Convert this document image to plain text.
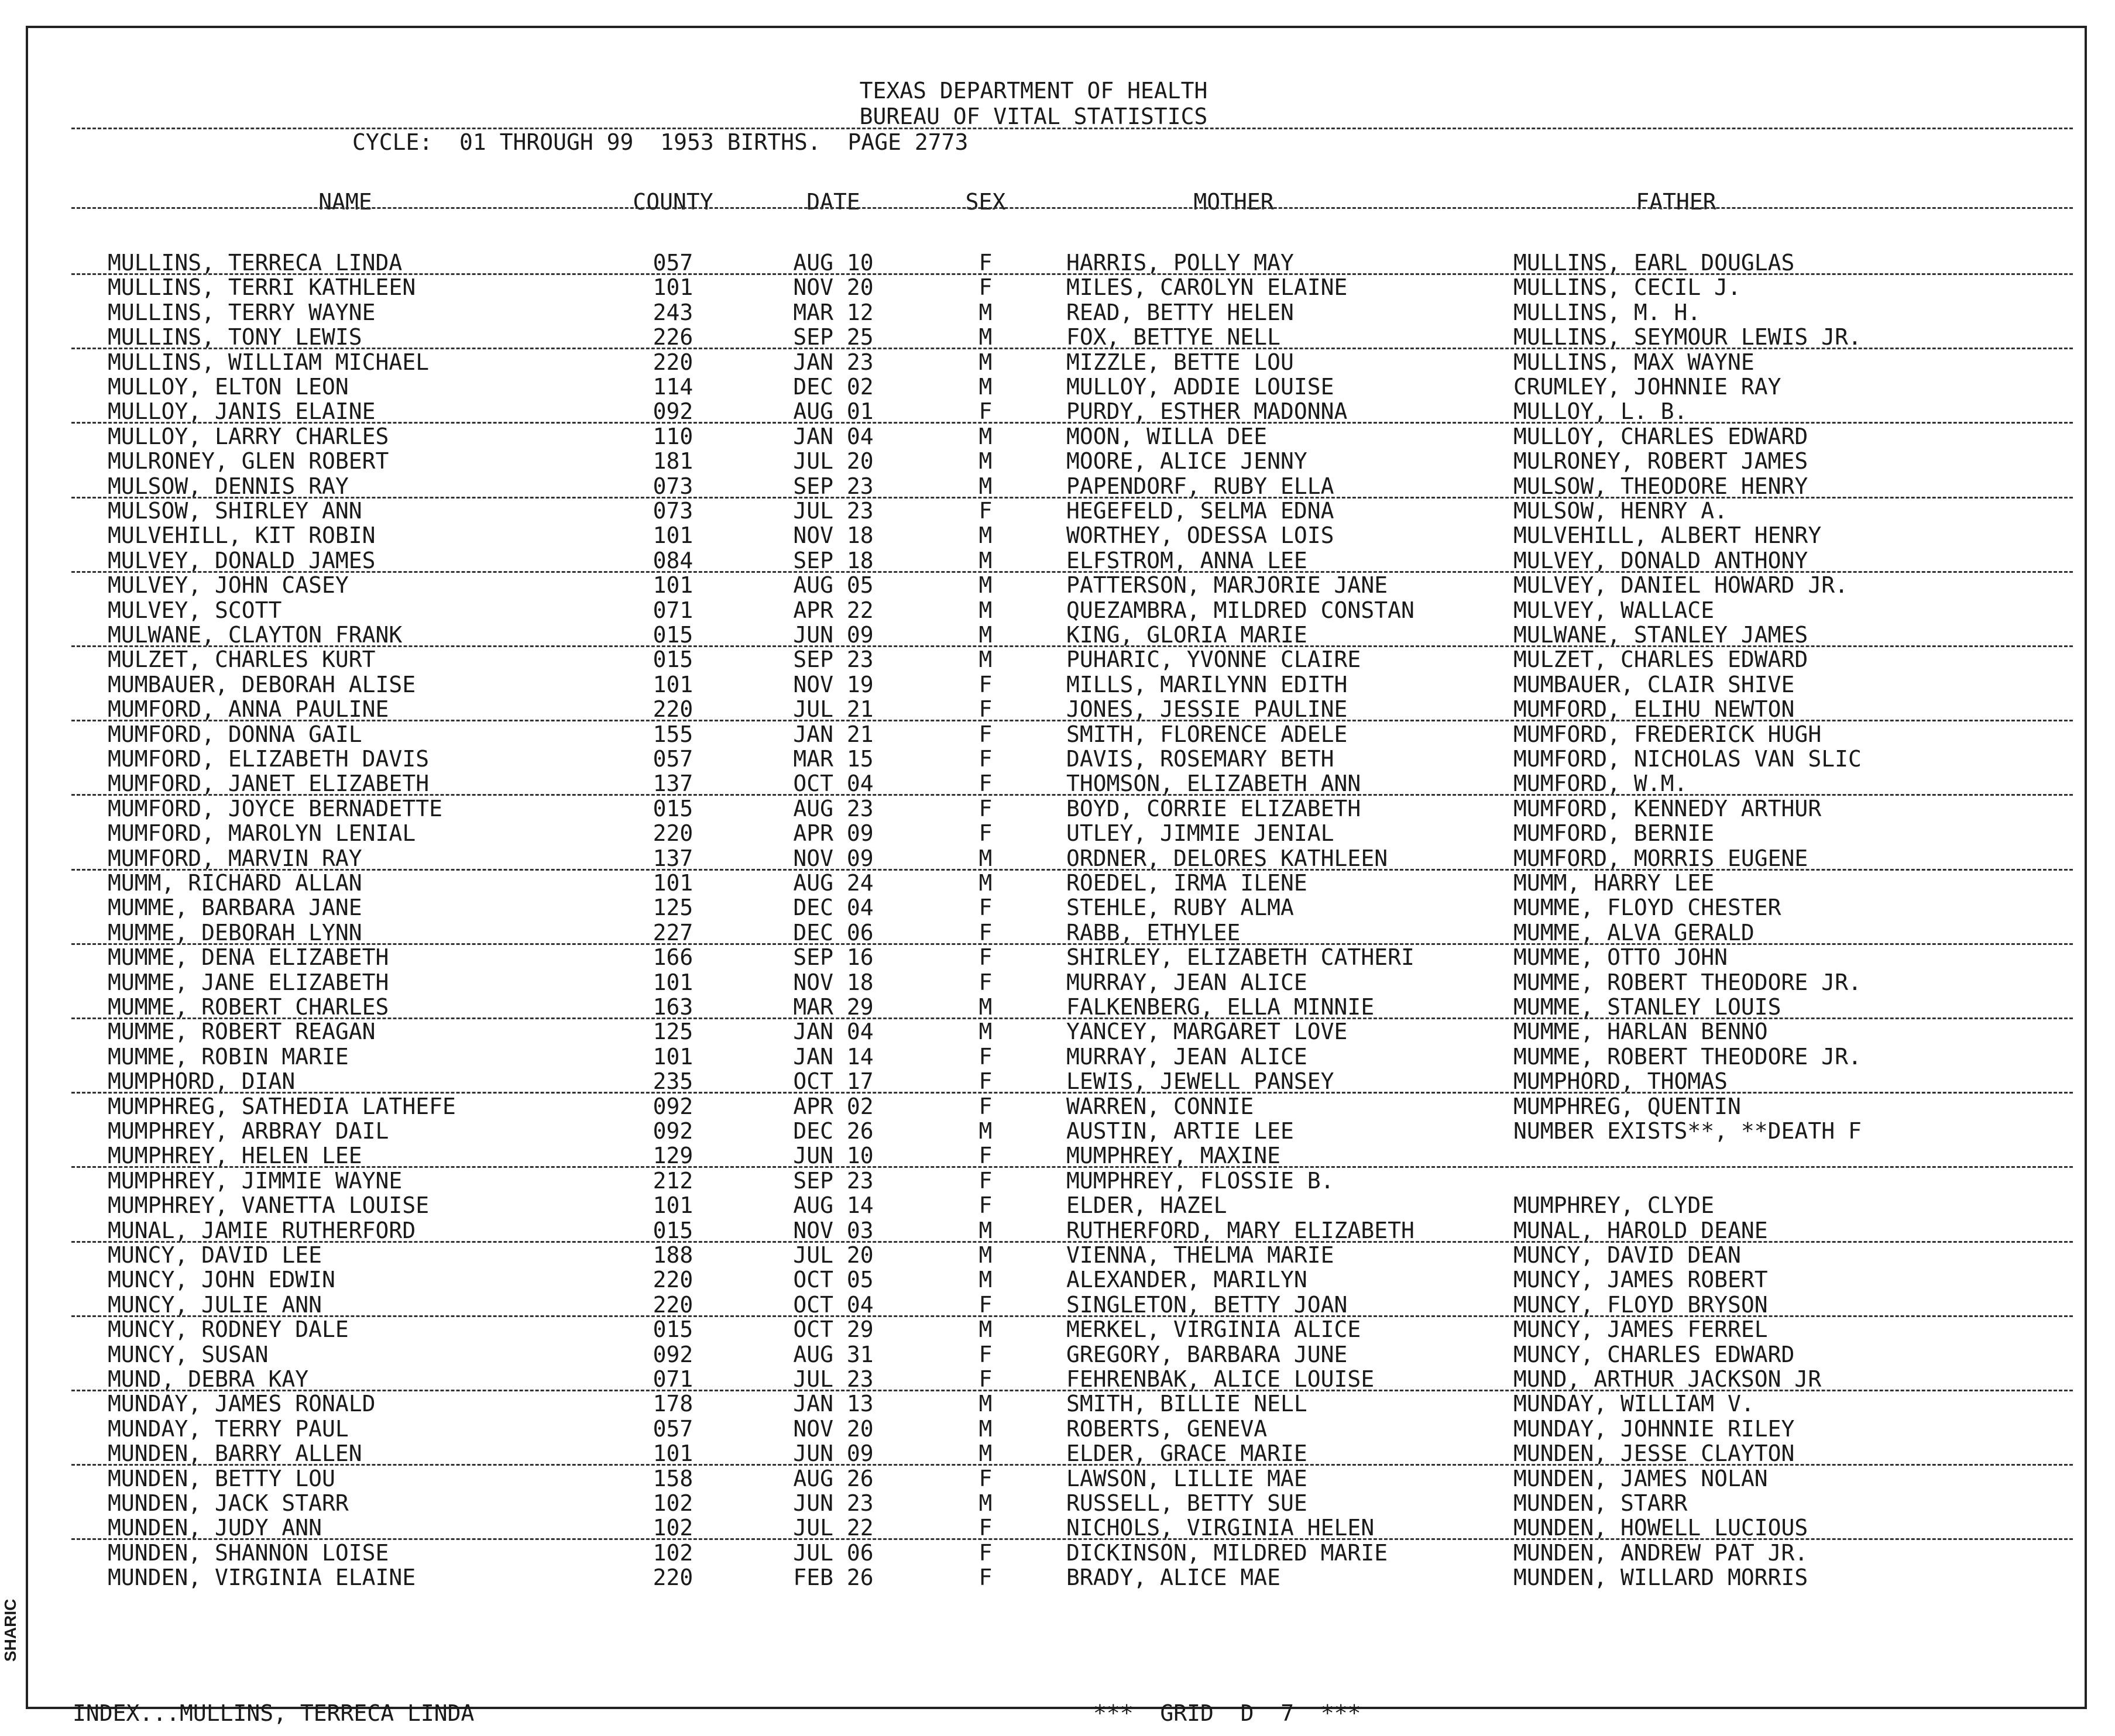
TEXAS DEPARTMENT OF HEALTH
BUREAU OF VITAL STATISTICS
CYCLE:  01 THROUGH 99  1953 BIRTHS.  PAGE 2773
NAME	COUNTY	DATE	SEX	MOTHER	FATHER
MULLINS, TERRECA LINDA	057	AUG 10	F	HARRIS, POLLY MAY	MULLINS, EARL DOUGLAS
MULLINS, TERRI KATHLEEN	101	NOV 20	F	MILES, CAROLYN ELAINE	MULLINS, CECIL J.
MULLINS, TERRY WAYNE	243	MAR 12	M	READ, BETTY HELEN	MULLINS, M. H.
MULLINS, TONY LEWIS	226	SEP 25	M	FOX, BETTYE NELL	MULLINS, SEYMOUR LEWIS JR.
MULLINS, WILLIAM MICHAEL	220	JAN 23	M	MIZZLE, BETTE LOU	MULLINS, MAX WAYNE
MULLOY, ELTON LEON	114	DEC 02	M	MULLOY, ADDIE LOUISE	CRUMLEY, JOHNNIE RAY
MULLOY, JANIS ELAINE	092	AUG 01	F	PURDY, ESTHER MADONNA	MULLOY, L. B.
MULLOY, LARRY CHARLES	110	JAN 04	M	MOON, WILLA DEE	MULLOY, CHARLES EDWARD
MULRONEY, GLEN ROBERT	181	JUL 20	M	MOORE, ALICE JENNY	MULRONEY, ROBERT JAMES
MULSOW, DENNIS RAY	073	SEP 23	M	PAPENDORF, RUBY ELLA	MULSOW, THEODORE HENRY
MULSOW, SHIRLEY ANN	073	JUL 23	F	HEGEFELD, SELMA EDNA	MULSOW, HENRY A.
MULVEHILL, KIT ROBIN	101	NOV 18	M	WORTHEY, ODESSA LOIS	MULVEHILL, ALBERT HENRY
MULVEY, DONALD JAMES	084	SEP 18	M	ELFSTROM, ANNA LEE	MULVEY, DONALD ANTHONY
MULVEY, JOHN CASEY	101	AUG 05	M	PATTERSON, MARJORIE JANE	MULVEY, DANIEL HOWARD JR.
MULVEY, SCOTT	071	APR 22	M	QUEZAMBRA, MILDRED CONSTAN	MULVEY, WALLACE
MULWANE, CLAYTON FRANK	015	JUN 09	M	KING, GLORIA MARIE	MULWANE, STANLEY JAMES
MULZET, CHARLES KURT	015	SEP 23	M	PUHARIC, YVONNE CLAIRE	MULZET, CHARLES EDWARD
MUMBAUER, DEBORAH ALISE	101	NOV 19	F	MILLS, MARILYNN EDITH	MUMBAUER, CLAIR SHIVE
MUMFORD, ANNA PAULINE	220	JUL 21	F	JONES, JESSIE PAULINE	MUMFORD, ELIHU NEWTON
MUMFORD, DONNA GAIL	155	JAN 21	F	SMITH, FLORENCE ADELE	MUMFORD, FREDERICK HUGH
MUMFORD, ELIZABETH DAVIS	057	MAR 15	F	DAVIS, ROSEMARY BETH	MUMFORD, NICHOLAS VAN SLIC
MUMFORD, JANET ELIZABETH	137	OCT 04	F	THOMSON, ELIZABETH ANN	MUMFORD, W.M.
MUMFORD, JOYCE BERNADETTE	015	AUG 23	F	BOYD, CORRIE ELIZABETH	MUMFORD, KENNEDY ARTHUR
MUMFORD, MAROLYN LENIAL	220	APR 09	F	UTLEY, JIMMIE JENIAL	MUMFORD, BERNIE
MUMFORD, MARVIN RAY	137	NOV 09	M	ORDNER, DELORES KATHLEEN	MUMFORD, MORRIS EUGENE
MUMM, RICHARD ALLAN	101	AUG 24	M	ROEDEL, IRMA ILENE	MUMM, HARRY LEE
MUMME, BARBARA JANE	125	DEC 04	F	STEHLE, RUBY ALMA	MUMME, FLOYD CHESTER
MUMME, DEBORAH LYNN	227	DEC 06	F	RABB, ETHYLEE	MUMME, ALVA GERALD
MUMME, DENA ELIZABETH	166	SEP 16	F	SHIRLEY, ELIZABETH CATHERI	MUMME, OTTO JOHN
MUMME, JANE ELIZABETH	101	NOV 18	F	MURRAY, JEAN ALICE	MUMME, ROBERT THEODORE JR.
MUMME, ROBERT CHARLES	163	MAR 29	M	FALKENBERG, ELLA MINNIE	MUMME, STANLEY LOUIS
MUMME, ROBERT REAGAN	125	JAN 04	M	YANCEY, MARGARET LOVE	MUMME, HARLAN BENNO
MUMME, ROBIN MARIE	101	JAN 14	F	MURRAY, JEAN ALICE	MUMME, ROBERT THEODORE JR.
MUMPHORD, DIAN	235	OCT 17	F	LEWIS, JEWELL PANSEY	MUMPHORD, THOMAS
MUMPHREG, SATHEDIA LATHEFE	092	APR 02	F	WARREN, CONNIE	MUMPHREG, QUENTIN
MUMPHREY, ARBRAY DAIL	092	DEC 26	M	AUSTIN, ARTIE LEE	NUMBER EXISTS**, **DEATH F
MUMPHREY, HELEN LEE	129	JUN 10	F	MUMPHREY, MAXINE
MUMPHREY, JIMMIE WAYNE	212	SEP 23	F	MUMPHREY, FLOSSIE B.
MUMPHREY, VANETTA LOUISE	101	AUG 14	F	ELDER, HAZEL	MUMPHREY, CLYDE
MUNAL, JAMIE RUTHERFORD	015	NOV 03	M	RUTHERFORD, MARY ELIZABETH	MUNAL, HAROLD DEANE
MUNCY, DAVID LEE	188	JUL 20	M	VIENNA, THELMA MARIE	MUNCY, DAVID DEAN
MUNCY, JOHN EDWIN	220	OCT 05	M	ALEXANDER, MARILYN	MUNCY, JAMES ROBERT
MUNCY, JULIE ANN	220	OCT 04	F	SINGLETON, BETTY JOAN	MUNCY, FLOYD BRYSON
MUNCY, RODNEY DALE	015	OCT 29	M	MERKEL, VIRGINIA ALICE	MUNCY, JAMES FERREL
MUNCY, SUSAN	092	AUG 31	F	GREGORY, BARBARA JUNE	MUNCY, CHARLES EDWARD
MUND, DEBRA KAY	071	JUL 23	F	FEHRENBAK, ALICE LOUISE	MUND, ARTHUR JACKSON JR
MUNDAY, JAMES RONALD	178	JAN 13	M	SMITH, BILLIE NELL	MUNDAY, WILLIAM V.
MUNDAY, TERRY PAUL	057	NOV 20	M	ROBERTS, GENEVA	MUNDAY, JOHNNIE RILEY
MUNDEN, BARRY ALLEN	101	JUN 09	M	ELDER, GRACE MARIE	MUNDEN, JESSE CLAYTON
MUNDEN, BETTY LOU	158	AUG 26	F	LAWSON, LILLIE MAE	MUNDEN, JAMES NOLAN
MUNDEN, JACK STARR	102	JUN 23	M	RUSSELL, BETTY SUE	MUNDEN, STARR
MUNDEN, JUDY ANN	102	JUL 22	F	NICHOLS, VIRGINIA HELEN	MUNDEN, HOWELL LUCIOUS
MUNDEN, SHANNON LOISE	102	JUL 06	F	DICKINSON, MILDRED MARIE	MUNDEN, ANDREW PAT JR.
MUNDEN, VIRGINIA ELAINE	220	FEB 26	F	BRADY, ALICE MAE	MUNDEN, WILLARD MORRIS
INDEX...MULLINS, TERRECA LINDA	***  GRID  D  7  ***
SHARIC
